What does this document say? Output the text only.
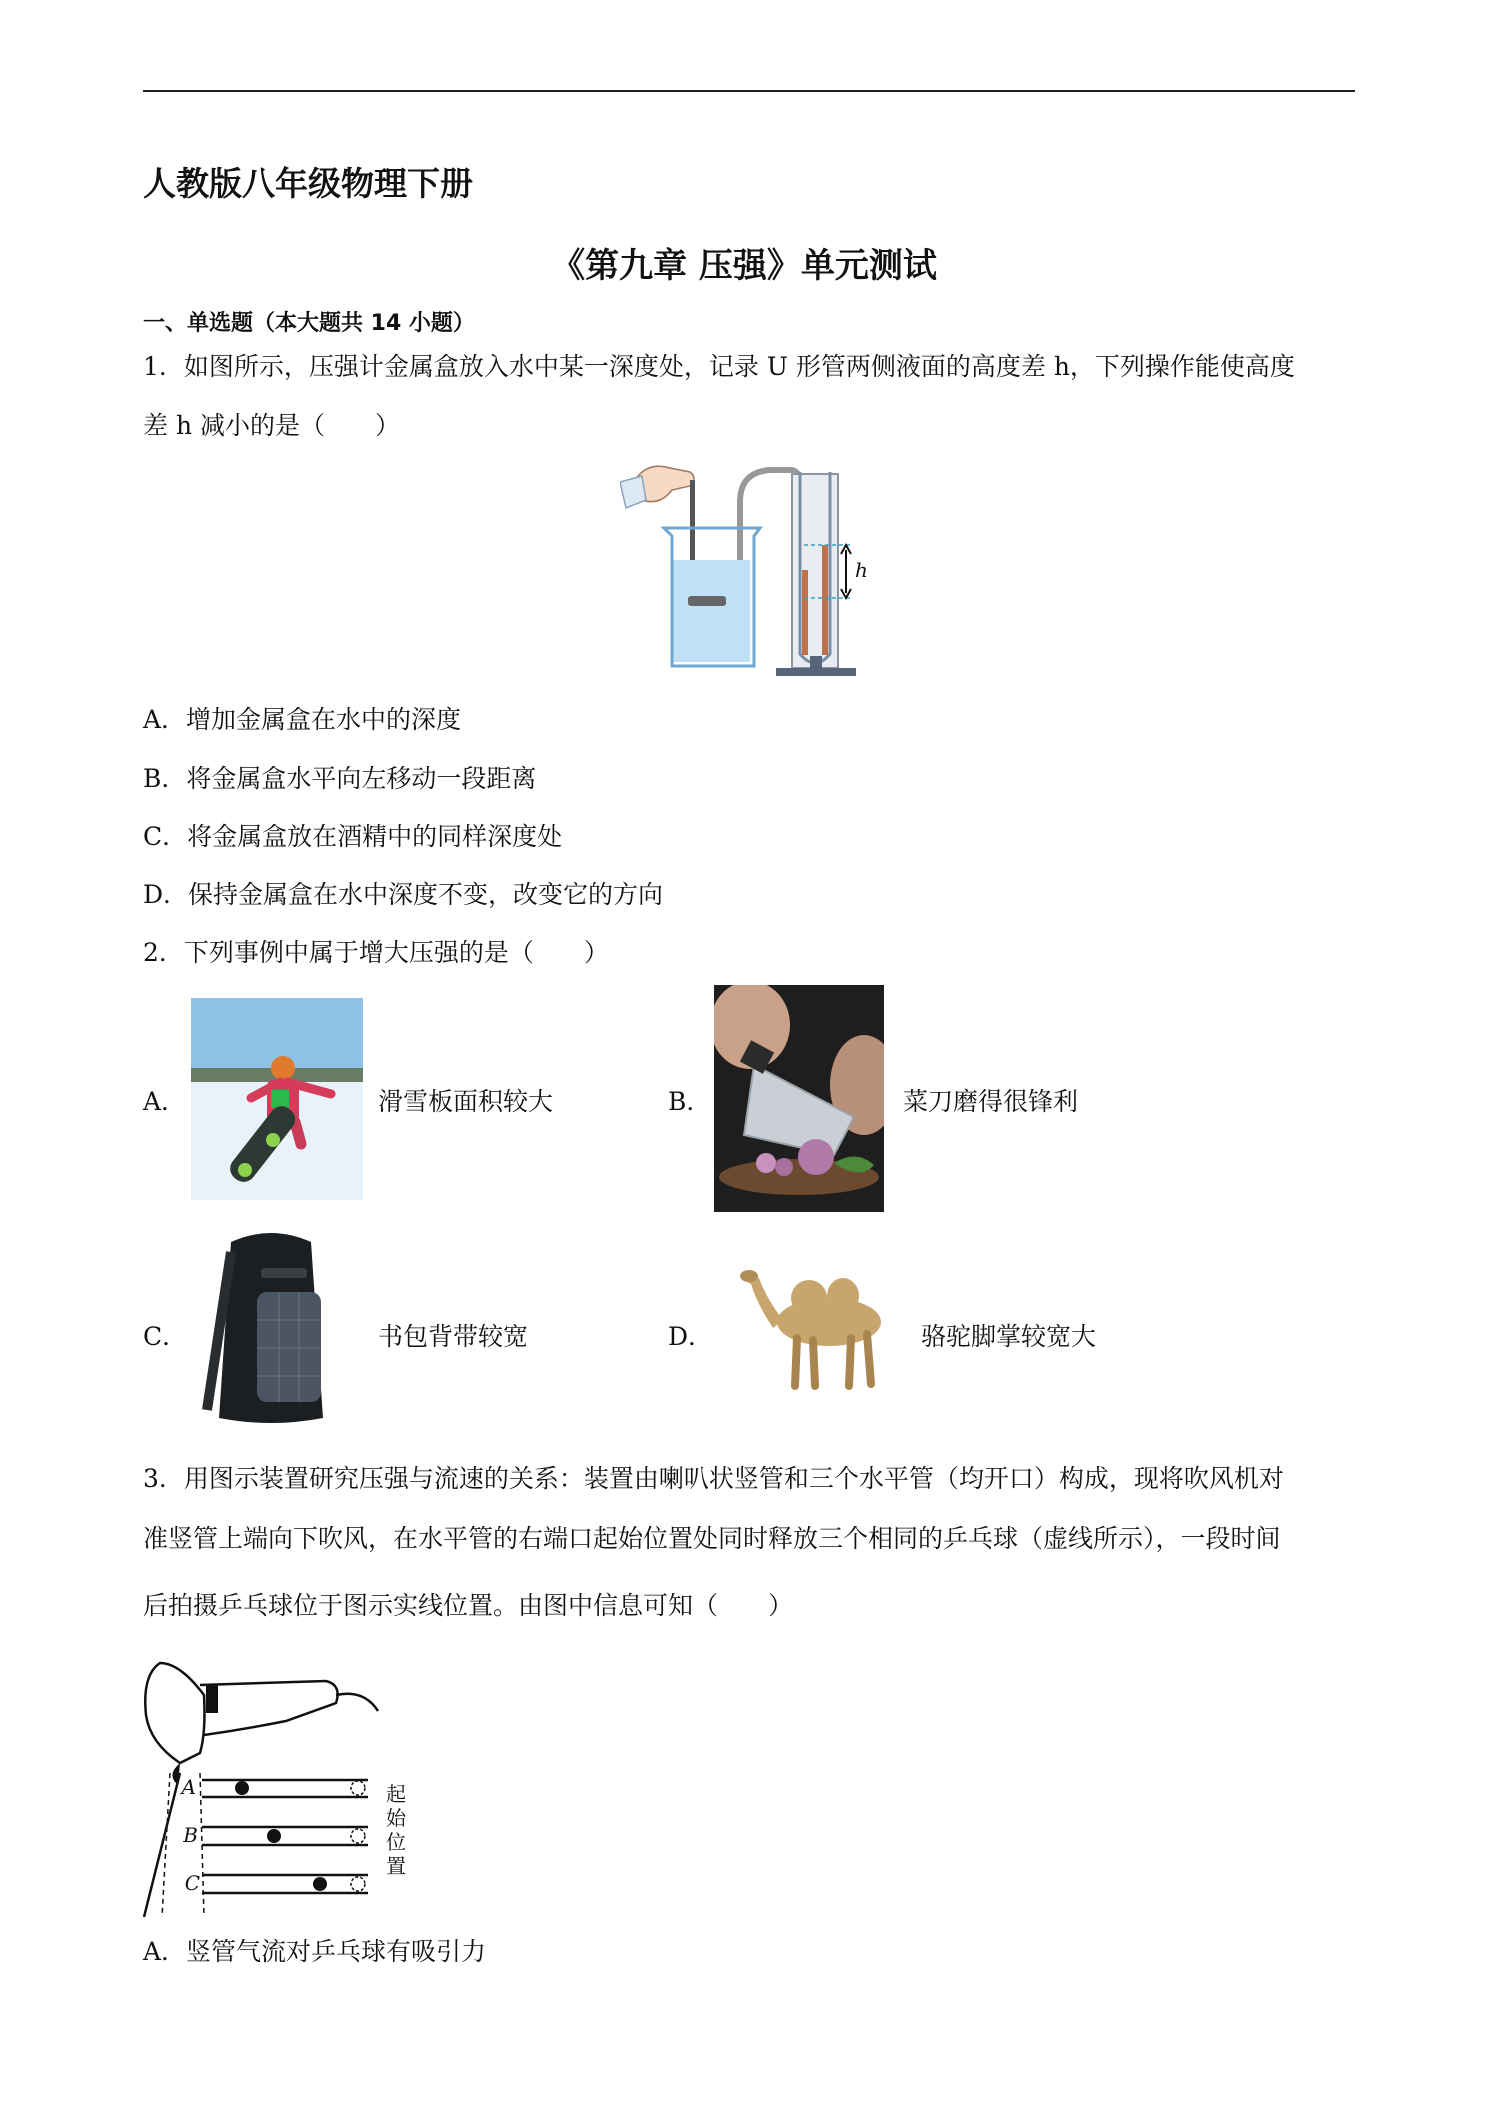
人教版八年级物理下册
《第九章 压强》单元测试
一、单选题（本大题共 14 小题）
1．如图所示，压强计金属盒放入水中某一深度处，记录 U 形管两侧液面的高度差 h，下列操作能使高度
差 h 减小的是（　　）
h
A．增加金属盒在水中的深度
B．将金属盒水平向左移动一段距离
C．将金属盒放在酒精中的同样深度处
D．保持金属盒在水中深度不变，改变它的方向
2．下列事例中属于增大压强的是（　　）
A．	滑雪板面积较大	B．	菜刀磨得很锋利
C．	书包背带较宽	D．	骆驼脚掌较宽大
3．用图示装置研究压强与流速的关系：装置由喇叭状竖管和三个水平管（均开口）构成，现将吹风机对
准竖管上端向下吹风，在水平管的右端口起始位置处同时释放三个相同的乒乓球（虚线所示），一段时间
后拍摄乒乓球位于图示实线位置。由图中信息可知（　　）
A
B
C
起
始
位
置
A．竖管气流对乒乓球有吸引力
